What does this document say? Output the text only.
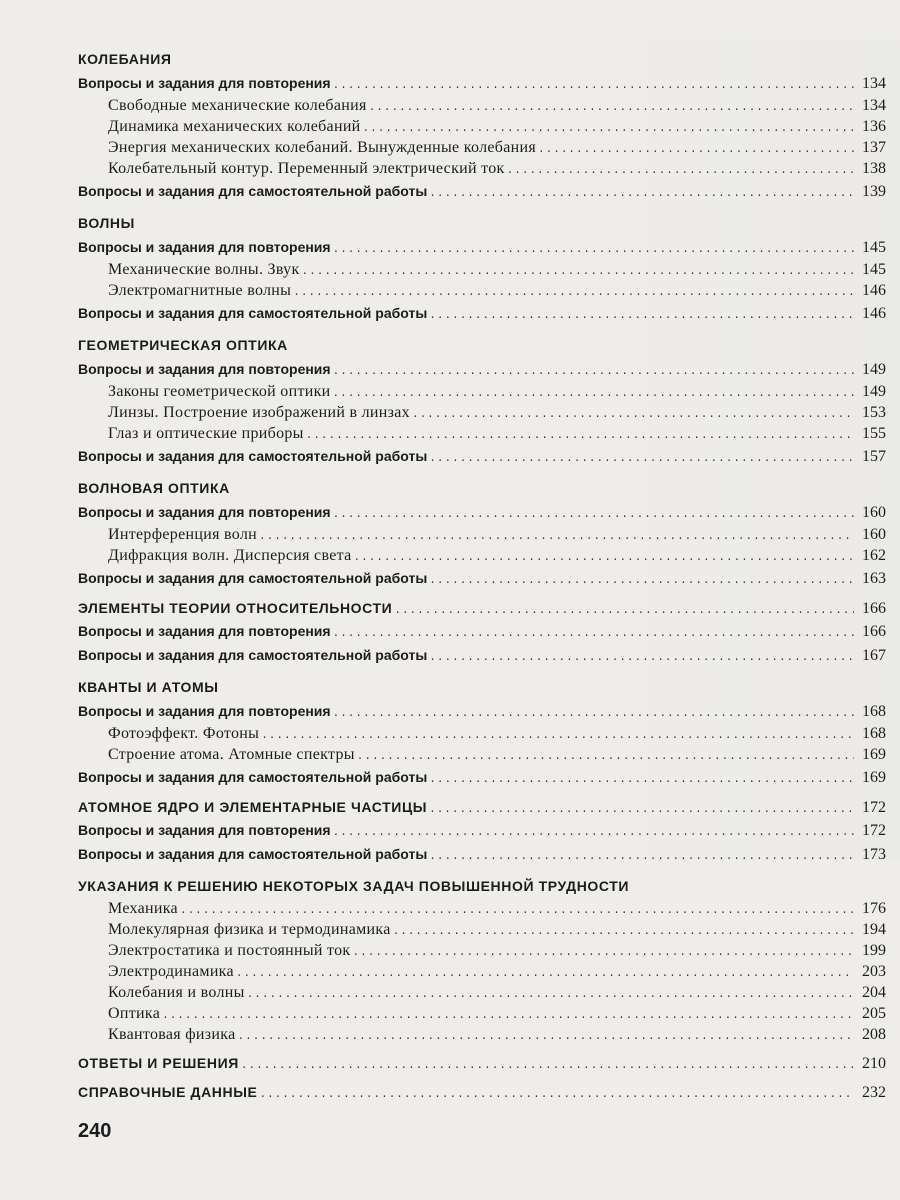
КОЛЕБАНИЯ
Вопросы и задания для повторения .....	134
Свободные механические колебания .....	134
Динамика механических колебаний .....	136
Энергия механических колебаний. Вынужденные колебания .....	137
Колебательный контур. Переменный электрический ток .....	138
Вопросы и задания для самостоятельной работы .....	139
ВОЛНЫ
Вопросы и задания для повторения .....	145
Механические волны. Звук .....	145
Электромагнитные волны .....	146
Вопросы и задания для самостоятельной работы .....	146
ГЕОМЕТРИЧЕСКАЯ ОПТИКА
Вопросы и задания для повторения .....	149
Законы геометрической оптики .....	149
Линзы. Построение изображений в линзах .....	153
Глаз и оптические приборы .....	155
Вопросы и задания для самостоятельной работы .....	157
ВОЛНОВАЯ ОПТИКА
Вопросы и задания для повторения .....	160
Интерференция волн .....	160
Дифракция волн. Дисперсия света .....	162
Вопросы и задания для самостоятельной работы .....	163
ЭЛЕМЕНТЫ ТЕОРИИ ОТНОСИТЕЛЬНОСТИ .....	166
Вопросы и задания для повторения .....	166
Вопросы и задания для самостоятельной работы .....	167
КВАНТЫ И АТОМЫ
Вопросы и задания для повторения .....	168
Фотоэффект. Фотоны .....	168
Строение атома. Атомные спектры .....	169
Вопросы и задания для самостоятельной работы .....	169
АТОМНОЕ ЯДРО И ЭЛЕМЕНТАРНЫЕ ЧАСТИЦЫ .....	172
Вопросы и задания для повторения .....	172
Вопросы и задания для самостоятельной работы .....	173
УКАЗАНИЯ К РЕШЕНИЮ НЕКОТОРЫХ ЗАДАЧ ПОВЫШЕННОЙ ТРУДНОСТИ
Механика .....	176
Молекулярная физика и термодинамика .....	194
Электростатика и постоянный ток .....	199
Электродинамика .....	203
Колебания и волны .....	204
Оптика .....	205
Квантовая физика .....	208
ОТВЕТЫ И РЕШЕНИЯ .....	210
СПРАВОЧНЫЕ ДАННЫЕ .....	232
240
